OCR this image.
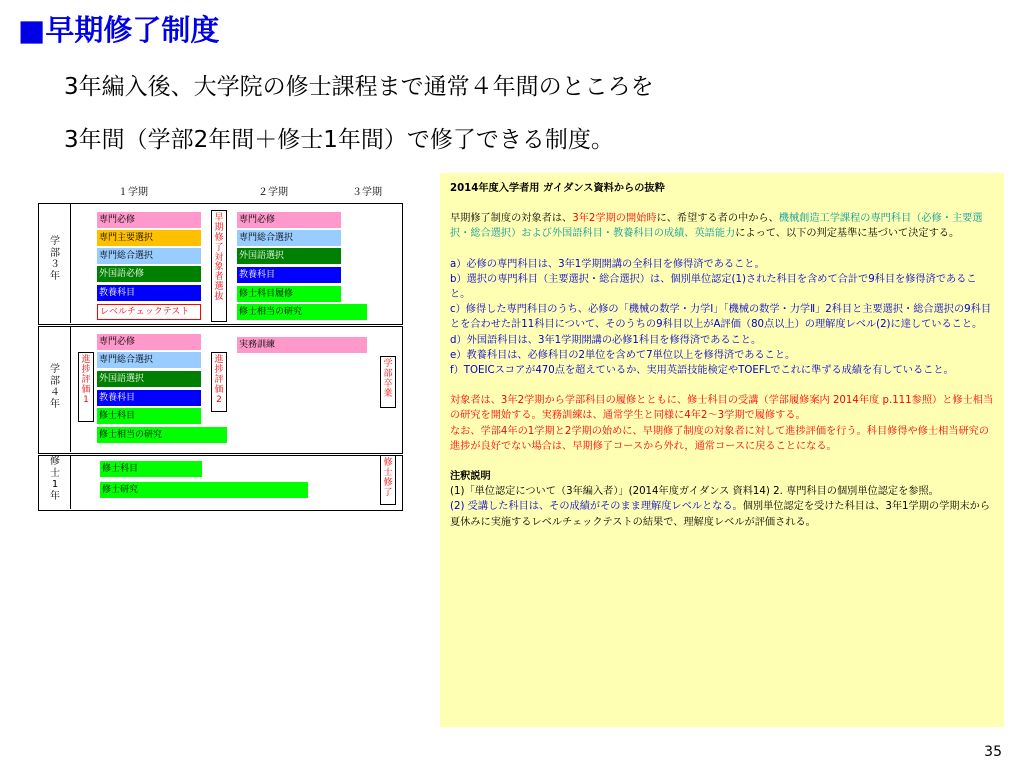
■早期修了制度
3年編入後、大学院の修士課程まで通常４年間のところを
3年間（学部2年間＋修士1年間）で修了できる制度。
１学期	２学期	３学期
学部３年
専門必修
専門主要選択
専門総合選択
外国語必修
教養科目
レベルチェックテスト
早期修了対象者選抜
専門必修
専門総合選択
外国語選択
教養科目
修士科目履修
修士相当の研究
学部４年
進捗評価1
専門必修
専門総合選択
外国語選択
教養科目
修士科目
修士相当の研究
進捗評価2
実務訓練
学部卒業
修士1年
修士科目
修士研究
修士修了

2014年度入学者用 ガイダンス資料からの抜粋

早期修了制度の対象者は、3年2学期の開始時に、希望する者の中から、機械創造工学課程の専門科目（必修・主要選択・総合選択）および外国語科目・教養科目の成績、英語能力によって、以下の判定基準に基づいて決定する。

a）必修の専門科目は、3年1学期開講の全科目を修得済であること。

b）選択の専門科目（主要選択・総合選択）は、個別単位認定(1)された科目を含めて合計で9科目を修得済であること。

c）修得した専門科目のうち、必修の「機械の数学・力学Ⅰ」「機械の数学・力学Ⅱ」2科目と主要選択・総合選択の9科目とを合わせた計11科目について、そのうちの9科目以上がA評価（80点以上）の理解度レベル(2)に達していること。

d）外国語科目は、3年1学期開講の必修1科目を修得済であること。

e）教養科目は、必修科目の2単位を含めて7単位以上を修得済であること。

f）TOEICスコアが470点を超えているか、実用英語技能検定やTOEFLでこれに準ずる成績を有していること。

対象者は、3年2学期から学部科目の履修とともに、修士科目の受講（学部履修案内 2014年度 p.111参照）と修士相当の研究を開始する。実務訓練は、通常学生と同様に4年2～3学期で履修する。

なお、学部4年の1学期と2学期の始めに、早期修了制度の対象者に対して進捗評価を行う。科目修得や修士相当研究の進捗が良好でない場合は、早期修了コースから外れ，通常コースに戻ることになる。

注釈説明

(1)「単位認定について（3年編入者）」(2014年度ガイダンス 資料14) 2. 専門科目の個別単位認定を参照。

(2) 受講した科目は、その成績がそのまま理解度レベルとなる。個別単位認定を受けた科目は、3年1学期の学期末から夏休みに実施するレベルチェックテストの結果で、理解度レベルが評価される。

35
